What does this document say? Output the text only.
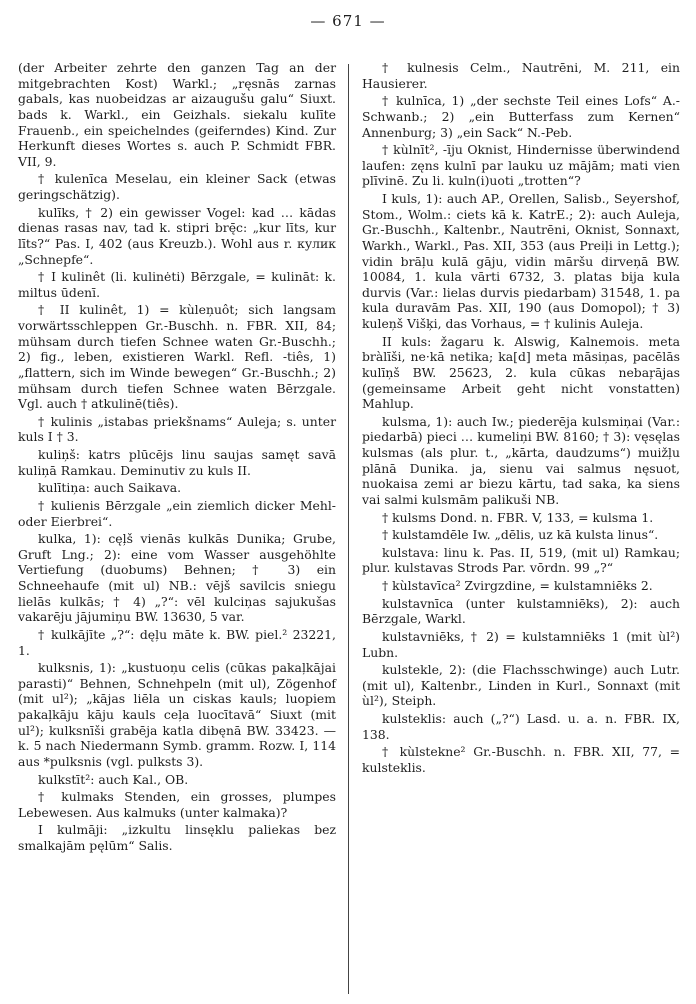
— 671 —

(der Arbeiter zehrte den ganzen Tag an der mitgebrachten Kost) Warkl.; „ręsnās zarnas gabals, kas nuobeidzas ar aizaugušu galu“ Siuxt. bads k. Warkl., ein Geizhals. siekalu kulīte Frauenb., ein speichelndes (geiferndes) Kind. Zur Herkunft dieses Wortes s. auch P. Schmidt FBR. VII, 9.

† kulenīca Meselau, ein kleiner Sack (etwas geringschätzig).

kulīks, † 2) ein gewisser Vogel: kad … kādas dienas rasas nav, tad k. stipri brę̄c: „kur līts, kur līts?“ Pas. I, 402 (aus Kreuzb.). Wohl aus r. кулик „Schnepfe“.

† I kulinêt (li. kulinėti) Bērzgale, = kulināt: k. miltus ūdenī.

† II kulinêt, 1) = kùleņuôt; sich langsam vorwärtsschleppen Gr.-Buschh. n. FBR. XII, 84; mühsam durch tiefen Schnee waten Gr.-Buschh.; 2) fig., leben, existieren Warkl. Refl. -tiês, 1) „flattern, sich im Winde bewegen“ Gr.-Buschh.; 2) mühsam durch tiefen Schnee waten Bērzgale. Vgl. auch † atkulinē(tiês).

† kulinis „istabas priekšnams“ Auleja; s. unter kuls I † 3.

kuliņš: katrs plūcējs linu saujas samęt savā kuliņā Ramkau. Deminutiv zu kuls II.

kulītiņa: auch Saikava.

† kulienis Bērzgale „ein ziemlich dicker Mehl- oder Eierbrei“.

kulka, 1): cęļš vienās kulkās Dunika; Grube, Gruft Lng.; 2): eine vom Wasser ausgehöhlte Vertiefung (duobums) Behnen; † 3) ein Schneehaufe (mit ul) NB.: vējš savilcis sniegu lielās kulkās; † 4) „?“: vēl kulciņas sajukušas vakarēju jājumiņu BW. 13630, 5 var.

† kulkājīte „?“: dęļu māte k. BW. piel.² 23221, 1.

kulksnis, 1): „kustuoņu celis (cūkas pakaļkājai parasti)“ Behnen, Schnehpeln (mit ul), Zögenhof (mit ul²); „kājas liēla un ciskas kauls; luopiem pakaļkāju kāju kauls ceļa luocītavā“ Siuxt (mit ul²); kulksnīši grabēja katla dibęnā BW. 33423. — k. 5 nach Niedermann Symb. gramm. Rozw. I, 114 aus *pulksnis (vgl. pulksts 3).

kulkstīt²: auch Kal., OB.

† kulmaks Stenden, ein grosses, plumpes Lebewesen. Aus kalmuks (unter kalmaka)?

I kulmāji: „izkultu linsęklu paliekas bez smalkajām pęlūm“ Salis.

† kulnesis Celm., Nautrēni, M. 211, ein Hausierer.

† kulnīca, 1) „der sechste Teil eines Lofs“ A.-Schwanb.; 2) „ein Butterfass zum Kernen“ Annenburg; 3) „ein Sack“ N.-Peb.

† kùlnīt², -īju Oknist, Hindernisse überwindend laufen: zęns kulnī par lauku uz mājām; mati vien plīvinē. Zu li. kuln(i)uoti „trotten“?

I kuls, 1): auch AP., Orellen, Salisb., Seyershof, Stom., Wolm.: ciets kā k. KatrE.; 2): auch Auleja, Gr.-Buschh., Kaltenbr., Nautrēni, Oknist, Sonnaxt, Warkh., Warkl., Pas. XII, 353 (aus Preiļi in Lettg.); vidin brāļu kulā gāju, vidin māršu dirveņā BW. 10084, 1. kula vārti 6732, 3. platas bija kula durvis (Var.: lielas durvis piedarbam) 31548, 1. pa kula duravām Pas. XII, 190 (aus Domopol); † 3) kuleņš Višķi, das Vorhaus, = † kulinis Auleja.

II kuls: žagaru k. Alswig, Kalnemois. meta bràlīši, ne·kā netika; ka[d] meta māsiņas, pacēlās kulīņš BW. 25623, 2. kula cūkas nebaŗājas (gemeinsame Arbeit geht nicht vonstatten) Mahlup.

kulsma, 1): auch Iw.; piederēja kulsmiņai (Var.: piedarbā) pieci … kumeliņi BW. 8160; † 3): vęsęlas kulsmas (als plur. t., „kārta, daudzums“) muižļu plānā Dunika. ja, sienu vai salmus nęsuot, nuokaisa zemi ar biezu kārtu, tad saka, ka siens vai salmi kulsmām palikuši NB.

† kulsms Dond. n. FBR. V, 133, = kulsma 1.

† kulstamdēle Iw. „dēlis, uz kā kulsta linus“.

kulstava: linu k. Pas. II, 519, (mit ul) Ramkau; plur. kulstavas Strods Par. vōrdn. 99 „?“

† kùlstavīca² Zvirgzdine, = kulstamniēks 2.

kulstavnīca (unter kulstamniēks), 2): auch Bērzgale, Warkl.

kulstavniēks, † 2) = kulstamniēks 1 (mit ùl²) Lubn.

kulstekle, 2): (die Flachsschwinge) auch Lutr. (mit ul), Kaltenbr., Linden in Kurl., Sonnaxt (mit ùl²), Steiph.

kulsteklis: auch („?“) Lasd. u. a. n. FBR. IX, 138.

† kùlstekne² Gr.-Buschh. n. FBR. XII, 77, = kulsteklis.
